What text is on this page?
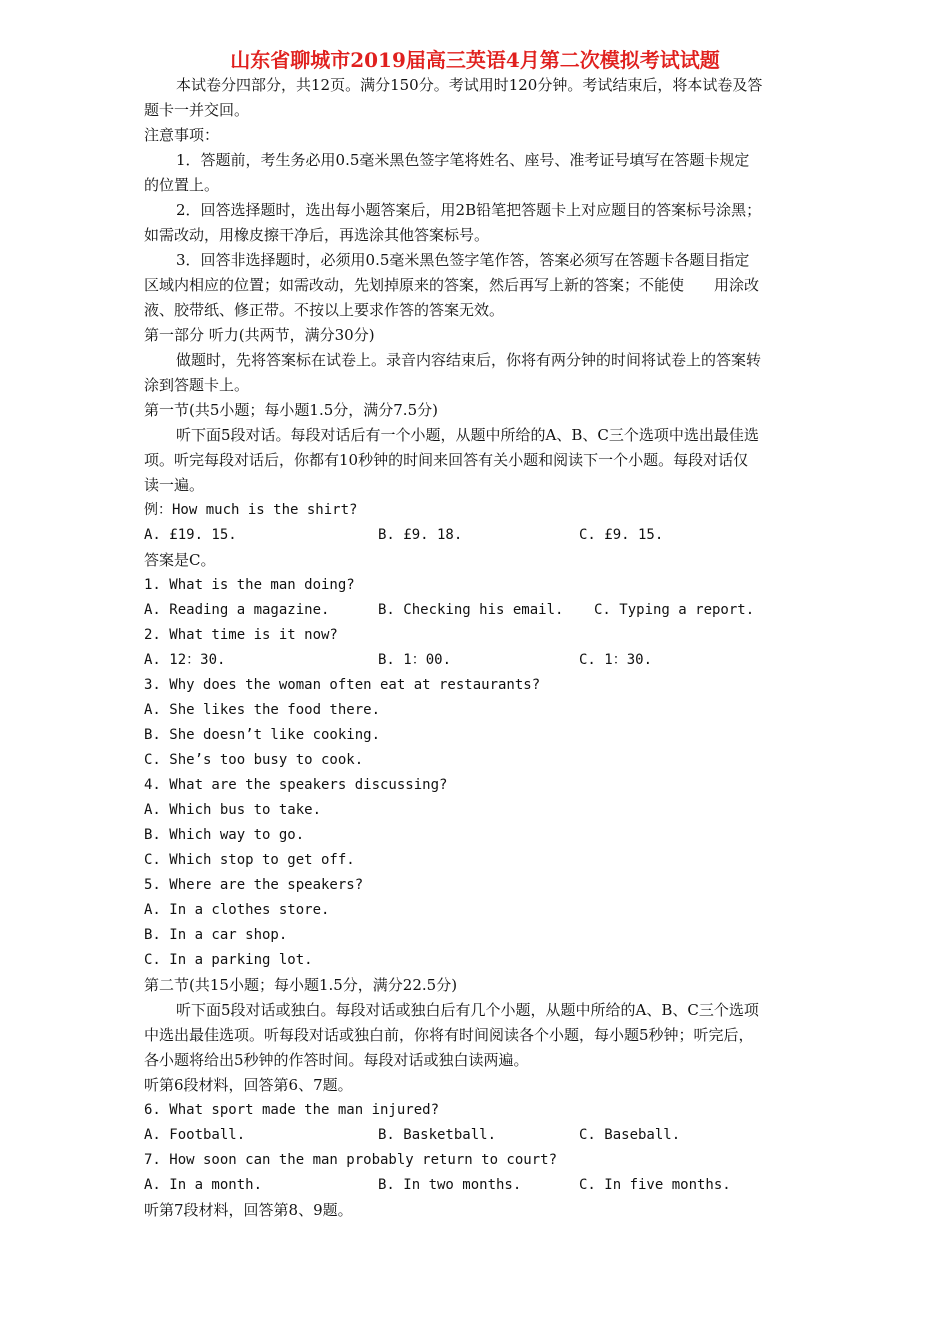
山东省聊城市2019届高三英语4月第二次模拟考试试题
本试卷分四部分，共12页。满分150分。考试用时120分钟。考试结束后，将本试卷及答
题卡一并交回。
注意事项：
1．答题前，考生务必用0.5毫米黑色签字笔将姓名、座号、准考证号填写在答题卡规定
的位置上。
2．回答选择题时，选出每小题答案后，用2B铅笔把答题卡上对应题目的答案标号涂黑；
如需改动，用橡皮擦干净后，再选涂其他答案标号。
3．回答非选择题时，必须用0.5毫米黑色签字笔作答，答案必须写在答题卡各题目指定
区域内相应的位置；如需改动，先划掉原来的答案，然后再写上新的答案；不能使　　用涂改
液、胶带纸、修正带。不按以上要求作答的答案无效。
第一部分 听力(共两节，满分30分)
做题时，先将答案标在试卷上。录音内容结束后，你将有两分钟的时间将试卷上的答案转
涂到答题卡上。
第一节(共5小题；每小题1.5分，满分7.5分)
听下面5段对话。每段对话后有一个小题，从题中所给的A、B、C三个选项中选出最佳选
项。听完每段对话后，你都有10秒钟的时间来回答有关小题和阅读下一个小题。每段对话仅
读一遍。
例：How much is the shirt?
A. £19. 15.	B. £9. 18.	C. £9. 15.
答案是C。
1. What is the man doing?
A. Reading a magazine.	B. Checking his email. C. Typing a report.
2. What time is it now?
A. 12：30.	B. 1：00.	C. 1：30.
3. Why does the woman often eat at restaurants?
A. She likes the food there.
B. She doesn’t like cooking.
C. She’s too busy to cook.
4. What are the speakers discussing?
A. Which bus to take.
B. Which way to go.
C. Which stop to get off.
5. Where are the speakers?
A. In a clothes store.
B. In a car shop.
C. In a parking lot.
第二节(共15小题；每小题1.5分，满分22.5分)
听下面5段对话或独白。每段对话或独白后有几个小题，从题中所给的A、B、C三个选项
中选出最佳选项。听每段对话或独白前，你将有时间阅读各个小题，每小题5秒钟；听完后，
各小题将给出5秒钟的作答时间。每段对话或独白读两遍。
听第6段材料，回答第6、7题。
6. What sport made the man injured?
A. Football.	B. Basketball.	C. Baseball.
7. How soon can the man probably return to court?
A. In a month.	B. In two months.	C. In five months.
听第7段材料，回答第8、9题。
